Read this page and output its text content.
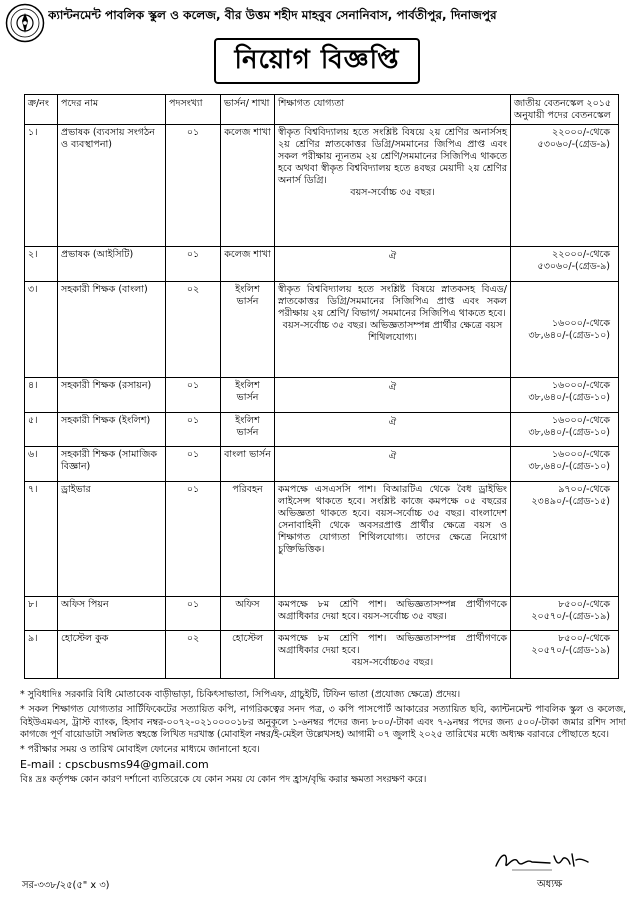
ক্যান্টনমেন্ট পাবলিক স্কুল ও কলেজ, বীর উত্তম শহীদ মাহবুব সেনানিবাস, পার্বতীপুর, দিনাজপুর
নিয়োগ বিজ্ঞপ্তি
ক্র/নং	পদের নাম	পদসংখ্যা	ভার্সন/ শাখা	শিক্ষাগত যোগ্যতা	জাতীয় বেতনস্কেল ২০১৫
অনুযায়ী পদের বেতনস্কেল

১।	প্রভাষক (ব্যবসায় সংগঠন ও ব্যবস্থাপনা)	০১	কলেজ শাখা	স্বীকৃত বিশ্ববিদ্যালয় হতে সংশ্লিষ্ট বিষয়ে ২য় শ্রেণির অনার্সসহ ২য় শ্রেণির স্নাতকোত্তর ডিগ্রি/সমমানের জিপিএ প্রাপ্ত এবং সকল পরীক্ষায় ন্যূনতম ২য় শ্রেণি/সমমানের সিজিপিএ থাকতে হবে অথবা স্বীকৃত বিশ্ববিদ্যালয় হতে ৪বছর মেয়াদী ২য় শ্রেণির অনার্স ডিগ্রি।
বয়স-সর্বোচ্চ ৩৫ বছর।	২২০০০/-থেকে
৫৩০৬০/-(গ্রেড-৯)

২।	প্রভাষক (আইসিটি)	০১	কলেজ শাখা	ঐ	২২০০০/-থেকে
৫৩০৬০/-(গ্রেড-৯)

৩।	সহকারী শিক্ষক (বাংলা)	০২	ইংলিশ ভার্সন	স্বীকৃত বিশ্ববিদ্যালয় হতে সংশ্লিষ্ট বিষয়ে স্নাতকসহ বিএড/স্নাতকোত্তর ডিগ্রি/সমমানের সিজিপিএ প্রাপ্ত এবং সকল পরীক্ষায় ২য় শ্রেণি/ বিভাগ/ সমমানের সিজিপিএ থাকতে হবে।
বয়স-সর্বোচ্চ ৩৫ বছর। অভিজ্ঞতাসম্পন্ন প্রার্থীর ক্ষেত্রে বয়স শিথিলযোগ্য।	১৬০০০/-থেকে
৩৮,৬৪০/-(গ্রেড-১০)

৪।	সহকারী শিক্ষক (রসায়ন)	০১	ইংলিশ ভার্সন	ঐ	১৬০০০/-থেকে
৩৮,৬৪০/-(গ্রেড-১০)

৫।	সহকারী শিক্ষক (ইংলিশ)	০১	ইংলিশ ভার্সন	ঐ	১৬০০০/-থেকে
৩৮,৬৪০/-(গ্রেড-১০)

৬।	সহকারী শিক্ষক (সামাজিক বিজ্ঞান)	০১	বাংলা ভার্সন	ঐ	১৬০০০/-থেকে
৩৮,৬৪০/-(গ্রেড-১০)

৭।	ড্রাইভার	০১	পরিবহন	কমপক্ষে এসএসসি পাশ। বিআরটিএ থেকে বৈধ ড্রাইভিং লাইসেন্স থাকতে হবে। সংশ্লিষ্ট কাজে কমপক্ষে ০৫ বছরের অভিজ্ঞতা থাকতে হবে। বয়স-সর্বোচ্চ ৩৫ বছর। বাংলাদেশ সেনাবাহিনী থেকে অবসরপ্রাপ্ত প্রার্থীর ক্ষেত্রে বয়স ও শিক্ষাগত যোগ্যতা শিথিলযোগ্য। তাদের ক্ষেত্রে নিয়োগ চুক্তিভিত্তিক।	৯৭০০/-থেকে
২৩৪৯০/-(গ্রেড-১৫)

৮।	অফিস পিয়ন	০১	অফিস	কমপক্ষে ৮ম শ্রেণি পাশ। অভিজ্ঞতাসম্পন্ন প্রার্থীগণকে অগ্রাধিকার দেয়া হবে। বয়স-সর্বোচ্চ ৩৫ বছর।	৮৫০০/-থেকে
২০৫৭০/-(গ্রেড-১৯)

৯।	হোস্টেল কুক	০২	হোস্টেল	কমপক্ষে ৮ম শ্রেণি পাশ। অভিজ্ঞতাসম্পন্ন প্রার্থীগণকে অগ্রাধিকার দেয়া হবে।
বয়স-সর্বোচ্চ৩৫ বছর।	৮৫০০/-থেকে
২০৫৭০/-(গ্রেড-১৯)

* সুবিধাদিঃ সরকারি বিধি মোতাবেক বাড়ীভাড়া, চিকিৎসাভাতা, সিপিএফ, গ্রাচুইটি, টিফিন ভাতা (প্রযোজ্য ক্ষেত্রে) প্রদেয়।

* সকল শিক্ষাগত যোগ্যতার সার্টিফিকেটের সত্যায়িত কপি, নাগরিকত্বের সনদ পত্র, ৩ কপি পাসপোর্ট আকারের সত্যায়িত ছবি, ক্যান্টনমেন্ট পাবলিক স্কুল ও কলেজ, বিইউএমএস, ট্রাস্ট ব্যাংক, হিসাব নম্বর-০০৭২-০২১০০০০১৮র অনুকূলে ১-৬নম্বর পদের জন্য ৮০০/-টাকা এবং ৭-৯নম্বর পদের জন্য ৫০০/-টাকা জমার রশিদ সাদা কাগজে পূর্ণ বায়োডাটা সম্বলিত স্বহস্তে লিখিত দরখাস্ত (মোবাইল নম্বর/ই-মেইল উল্লেখসহ) আগামী ০৭ জুলাই ২০২৫ তারিখের মধ্যে অধ্যক্ষ বরাবরে পৌছাতে হবে।

* পরীক্ষার সময় ও তারিখ মোবাইল ফোনের মাধ্যমে জানানো হবে।

E-mail : cpscbusms94@gmail.com

বিঃ দ্রঃ কর্তৃপক্ষ কোন কারণ দর্শানো ব্যতিরেকে যে কোন সময় যে কোন পদ হ্রাস/বৃদ্ধি করার ক্ষমতা সংরক্ষণ করে।

অধ্যক্ষ
সর-৩৩৮/২৫(৫" x ৩)
